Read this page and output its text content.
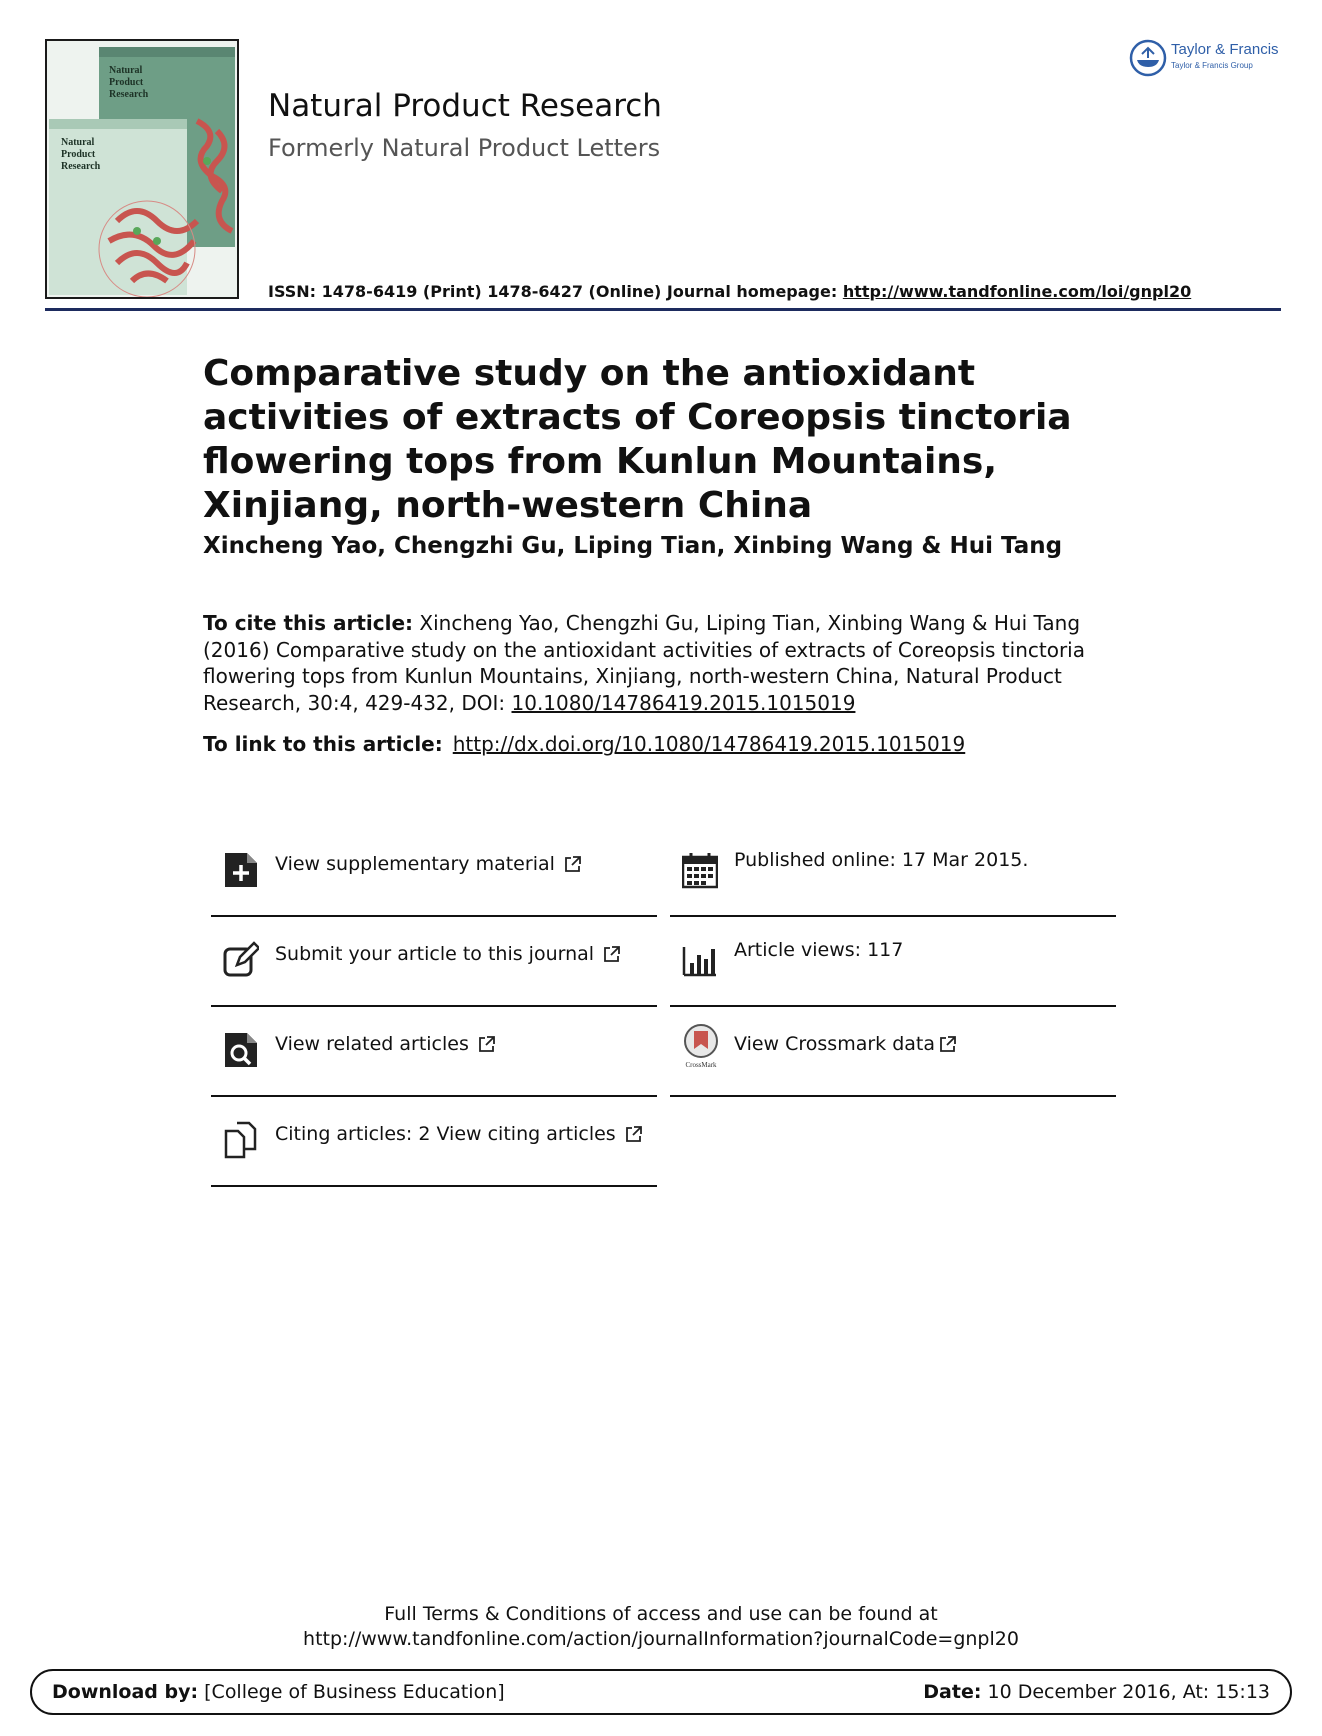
Natural
Product
Research
Natural
Product
Research
Taylor & Francis
Taylor & Francis Group
Natural Product Research
Formerly Natural Product Letters
ISSN: 1478-6419 (Print) 1478-6427 (Online) Journal homepage: http://www.tandfonline.com/loi/gnpl20
Comparative study on the antioxidant activities of extracts of Coreopsis tinctoria flowering tops from Kunlun Mountains, Xinjiang, north-western China
Xincheng Yao, Chengzhi Gu, Liping Tian, Xinbing Wang & Hui Tang
To cite this article: Xincheng Yao, Chengzhi Gu, Liping Tian, Xinbing Wang & Hui Tang (2016) Comparative study on the antioxidant activities of extracts of Coreopsis tinctoria flowering tops from Kunlun Mountains, Xinjiang, north-western China, Natural Product Research, 30:4, 429-432, DOI: 10.1080/14786419.2015.1015019
To link to this article: http://dx.doi.org/10.1080/14786419.2015.1015019
View supplementary material
Submit your article to this journal
View related articles
Citing articles: 2 View citing articles
Published online: 17 Mar 2015.
Article views: 117
CrossMark
View Crossmark data
Full Terms & Conditions of access and use can be found at
http://www.tandfonline.com/action/journalInformation?journalCode=gnpl20
Download by: [College of Business Education]	Date: 10 December 2016, At: 15:13
